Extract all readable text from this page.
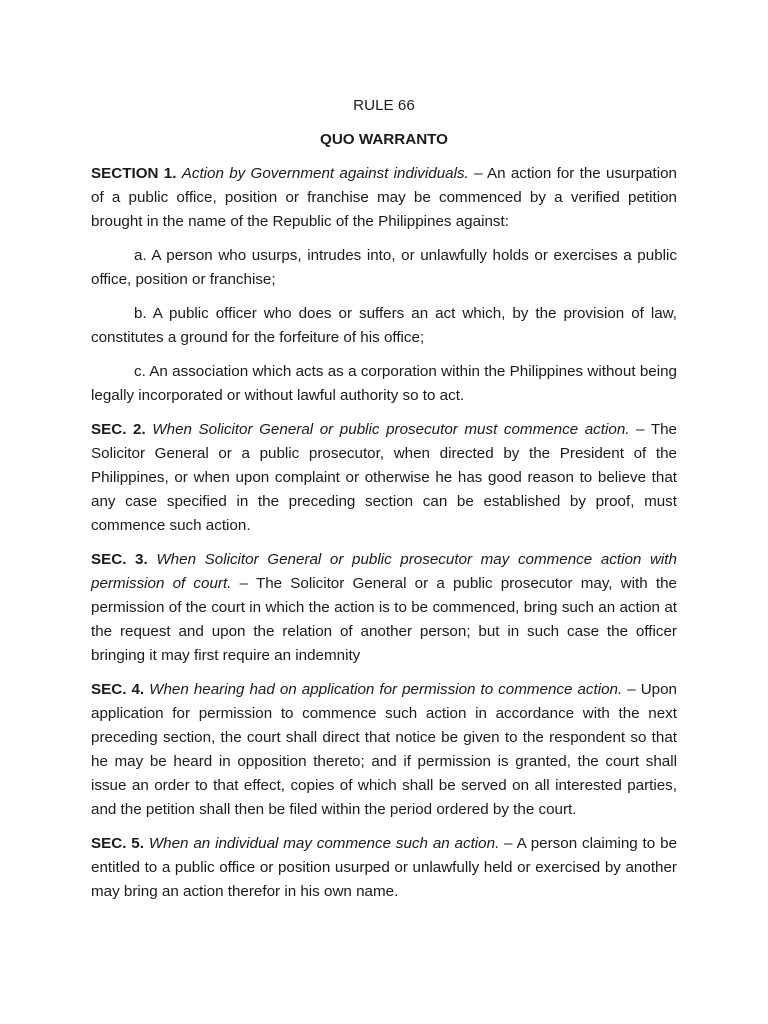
RULE 66
QUO WARRANTO

SECTION 1. Action by Government against individuals. – An action for the usurpation of a public office, position or franchise may be commenced by a verified petition brought in the name of the Republic of the Philippines against:

a. A person who usurps, intrudes into, or unlawfully holds or exercises a public office, position or franchise;

b. A public officer who does or suffers an act which, by the provision of law, constitutes a ground for the forfeiture of his office;

c. An association which acts as a corporation within the Philippines without being legally incorporated or without lawful authority so to act.

SEC. 2. When Solicitor General or public prosecutor must commence action. – The Solicitor General or a public prosecutor, when directed by the President of the Philippines, or when upon complaint or otherwise he has good reason to believe that any case specified in the preceding section can be established by proof, must commence such action.

SEC. 3. When Solicitor General or public prosecutor may commence action with permission of court. – The Solicitor General or a public prosecutor may, with the permission of the court in which the action is to be commenced, bring such an action at the request and upon the relation of another person; but in such case the officer bringing it may first require an indemnity

SEC. 4. When hearing had on application for permission to commence action. – Upon application for permission to commence such action in accordance with the next preceding section, the court shall direct that notice be given to the respondent so that he may be heard in opposition thereto; and if permission is granted, the court shall issue an order to that effect, copies of which shall be served on all interested parties, and the petition shall then be filed within the period ordered by the court.

SEC. 5. When an individual may commence such an action. – A person claiming to be entitled to a public office or position usurped or unlawfully held or exercised by another may bring an action therefor in his own name.
